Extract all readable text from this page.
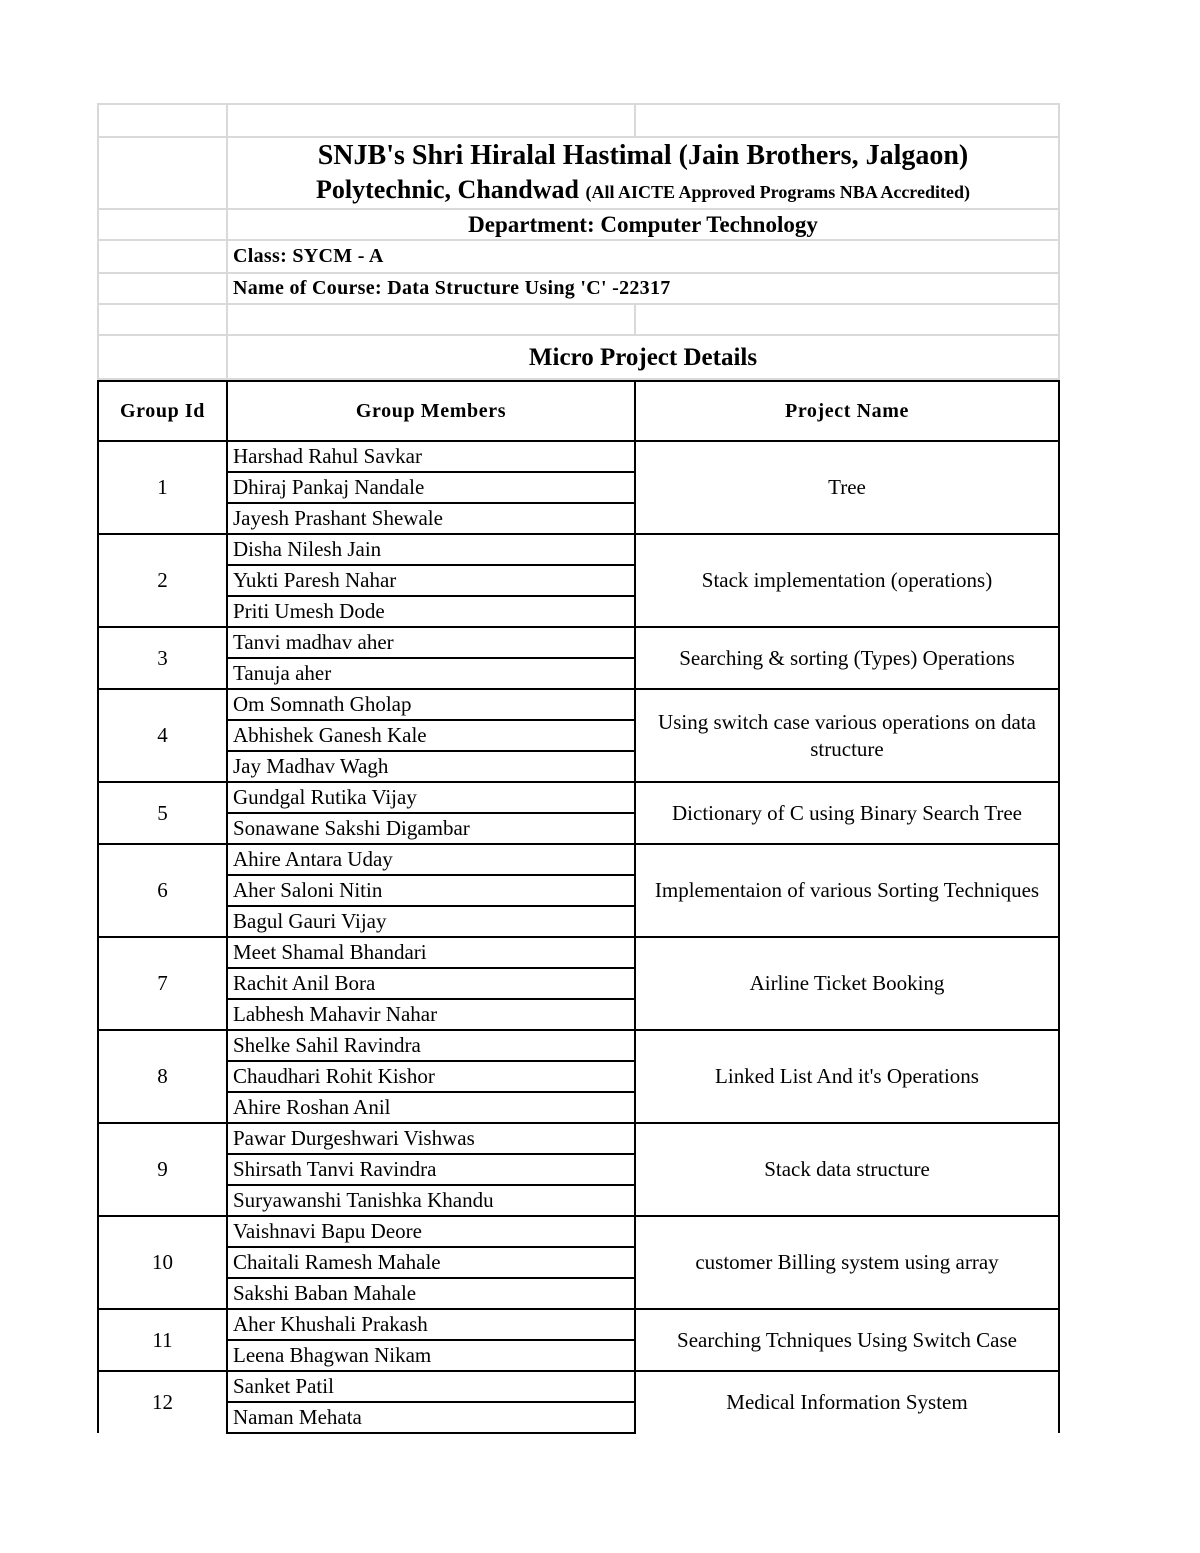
	SNJB's Shri Hiralal Hastimal (Jain Brothers, Jalgaon)
Polytechnic, Chandwad (All AICTE Approved Programs NBA Accredited)	

	Department: Computer Technology	
	Class: SYCM - A	
	Name of Course: Data Structure Using 'C' -22317	

	Micro Project Details	
Group Id	Group Members	Project Name
1	Harshad Rahul Savkar	Tree
	Dhiraj Pankaj Nandale	
	Jayesh Prashant Shewale	
2	Disha Nilesh Jain	Stack implementation (operations)
	Yukti Paresh Nahar	
	Priti Umesh Dode	
3	Tanvi madhav aher	Searching & sorting (Types) Operations
	Tanuja aher	
4	Om Somnath Gholap	Using switch case various operations on data structure
	Abhishek Ganesh Kale	
	Jay Madhav Wagh	
5	Gundgal Rutika Vijay	Dictionary of C using Binary Search Tree
	Sonawane Sakshi Digambar	
6	Ahire Antara Uday	Implementaion of various Sorting Techniques
	Aher Saloni Nitin	
	Bagul Gauri Vijay	
7	Meet Shamal Bhandari	Airline Ticket Booking
	Rachit Anil Bora	
	Labhesh Mahavir Nahar	
8	Shelke Sahil Ravindra	Linked List And it's Operations
	Chaudhari Rohit Kishor	
	Ahire Roshan Anil	
9	Pawar Durgeshwari Vishwas	Stack data structure
	Shirsath Tanvi Ravindra	
	Suryawanshi Tanishka Khandu	
10	Vaishnavi Bapu Deore	customer Billing system using array
	Chaitali Ramesh Mahale	
	Sakshi Baban Mahale	
11	Aher Khushali Prakash	Searching Tchniques Using Switch Case
	Leena Bhagwan Nikam	
12	Sanket Patil	Medical Information System
	Naman Mehata	
